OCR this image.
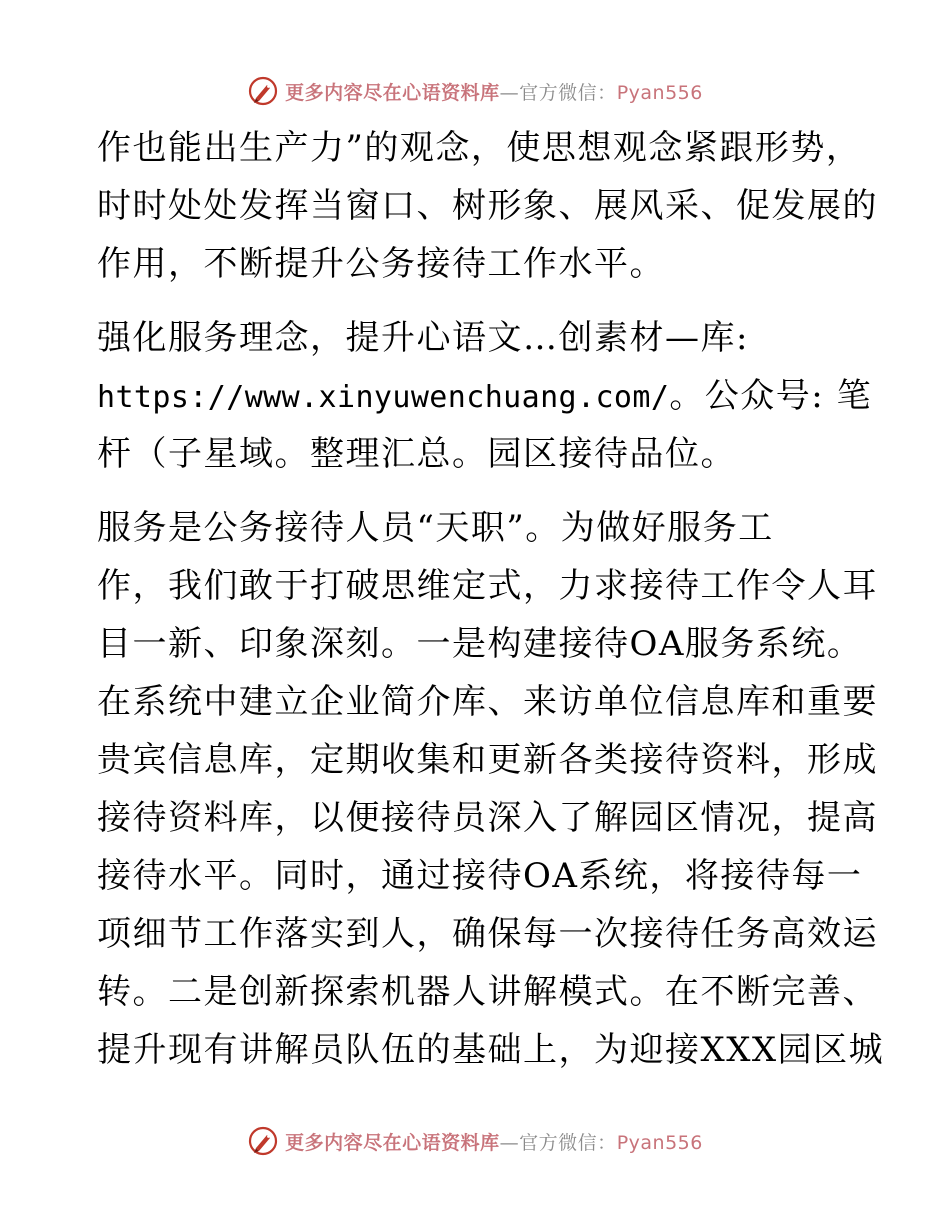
更多内容尽在心语资料库—官方微信：Pyan556
作也能出生产力”的观念，使思想观念紧跟形势，
时时处处发挥当窗口、树形象、展风采、促发展的
作用，不断提升公务接待工作水平。
强化服务理念，提升心语文…创素材—库:
https://www.xinyuwenchuang.com/。公众号: 笔
杆（子星域。整理汇总。园区接待品位。
服务是公务接待人员“天职”。为做好服务工
作，我们敢于打破思维定式，力求接待工作令人耳
目一新、印象深刻。一是构建接待OA服务系统。
在系统中建立企业简介库、来访单位信息库和重要
贵宾信息库，定期收集和更新各类接待资料，形成
接待资料库，以便接待员深入了解园区情况，提高
接待水平。同时，通过接待OA系统，将接待每一
项细节工作落实到人，确保每一次接待任务高效运
转。二是创新探索机器人讲解模式。在不断完善、
提升现有讲解员队伍的基础上，为迎接XXX园区城
更多内容尽在心语资料库—官方微信：Pyan556
